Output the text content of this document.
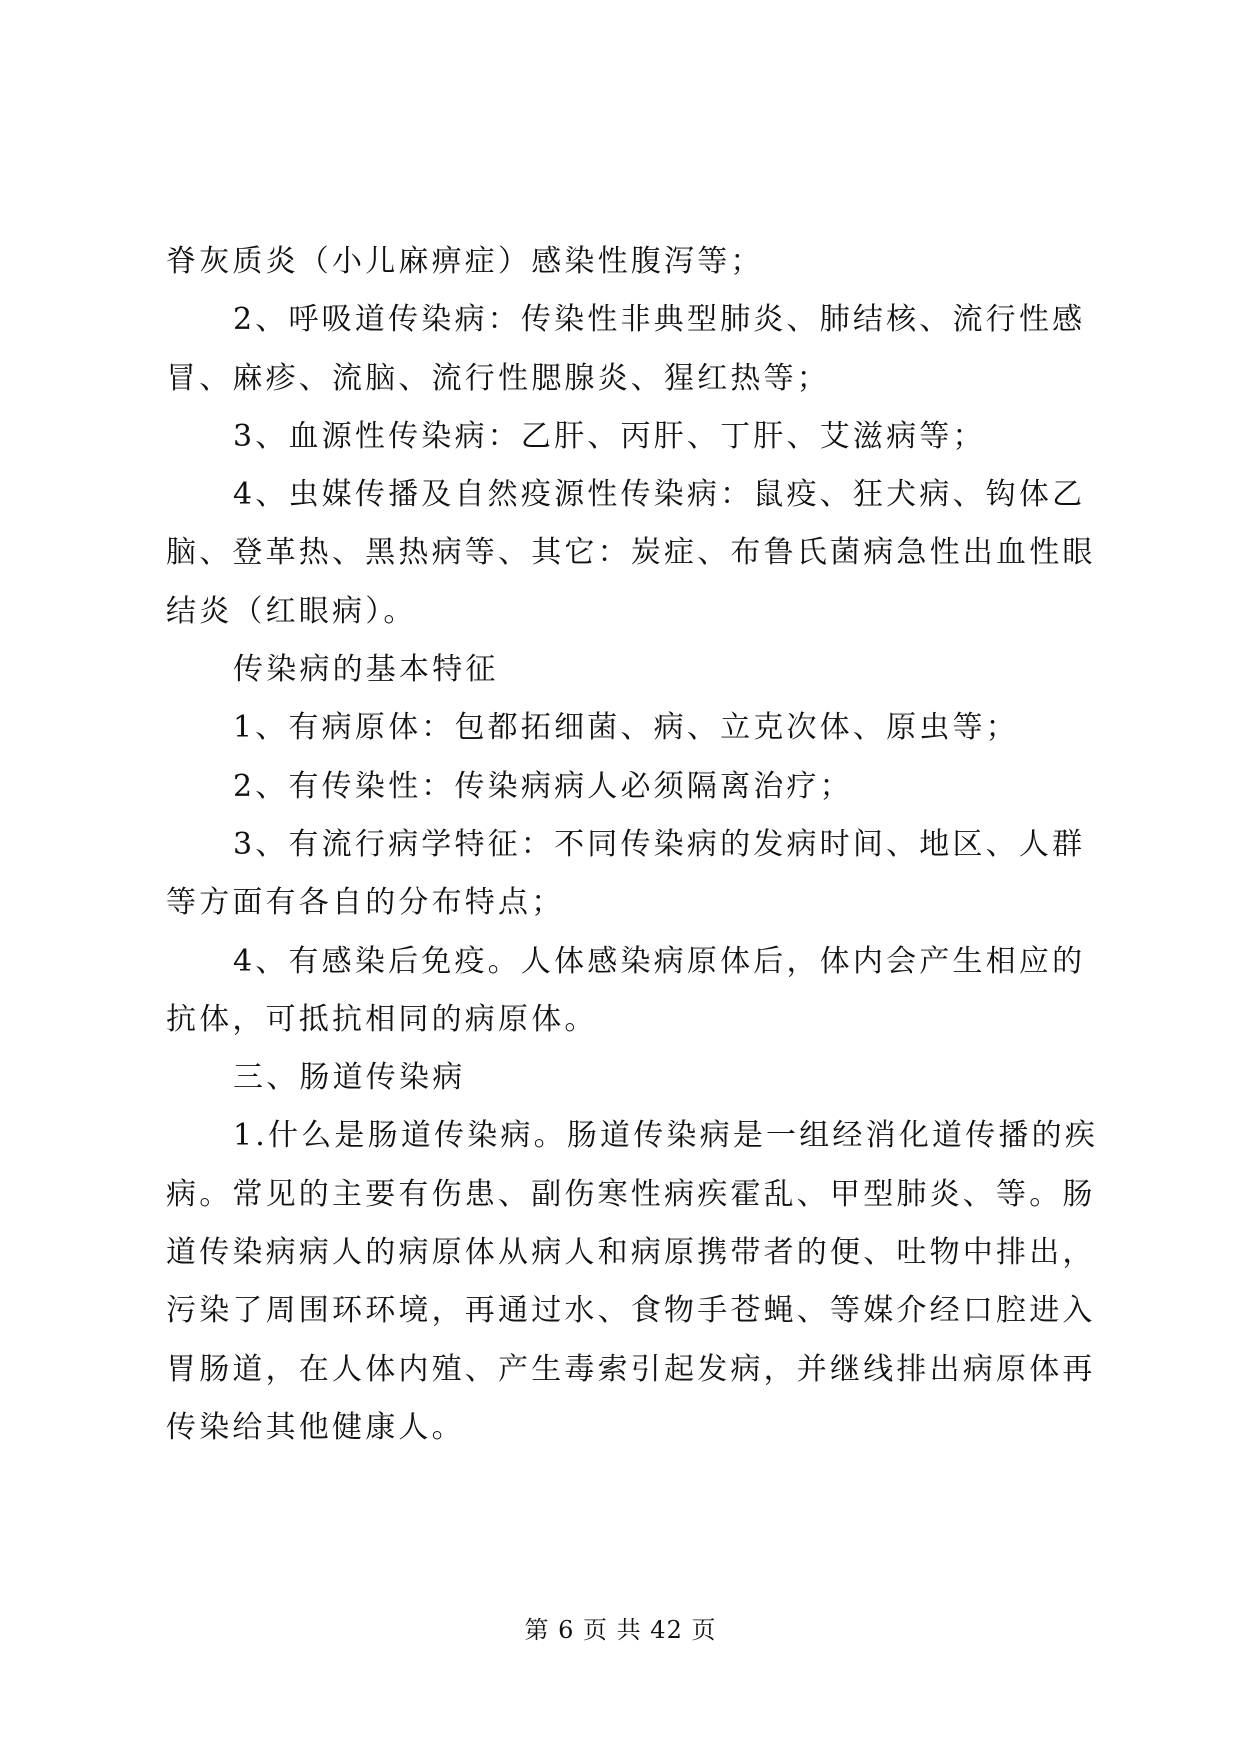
脊灰质炎（小儿麻痹症）感染性腹泻等；
2、呼吸道传染病：传染性非典型肺炎、肺结核、流行性感
冒、麻疹、流脑、流行性腮腺炎、猩红热等；
3、血源性传染病：乙肝、丙肝、丁肝、艾滋病等；
4、虫媒传播及自然疫源性传染病：鼠疫、狂犬病、钩体乙
脑、登革热、黑热病等、其它：炭症、布鲁氏菌病急性出血性眼
结炎（红眼病）。
传染病的基本特征
1、有病原体：包都拓细菌、病、立克次体、原虫等；
2、有传染性：传染病病人必须隔离治疗；
3、有流行病学特征：不同传染病的发病时间、地区、人群
等方面有各自的分布特点；
4、有感染后免疫。人体感染病原体后，体内会产生相应的
抗体，可抵抗相同的病原体。
三、肠道传染病
1.什么是肠道传染病。肠道传染病是一组经消化道传播的疾
病。常见的主要有伤患、副伤寒性病疾霍乱、甲型肺炎、等。肠
道传染病病人的病原体从病人和病原携带者的便、吐物中排出，
污染了周围环环境，再通过水、食物手苍蝇、等媒介经口腔进入
胃肠道，在人体内殖、产生毒索引起发病，并继线排出病原体再
传染给其他健康人。
第 6 页 共 42 页
